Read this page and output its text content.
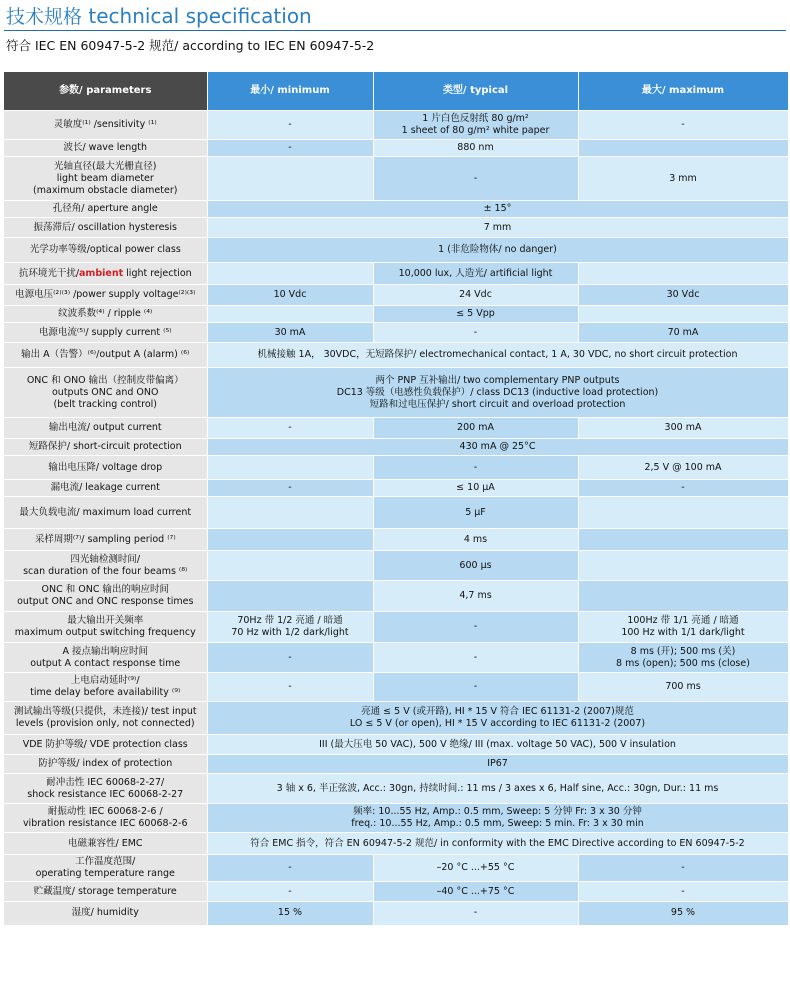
技术规格 technical specification
符合 IEC EN 60947-5-2 规范/ according to IEC EN 60947-5-2
参数/ parameters	最小/ minimum	类型/ typical	最大/ maximum
灵敏度⁽¹⁾ /sensitivity ⁽¹⁾	-	1 片白色反射纸 80 g/m²
1 sheet of 80 g/m² white paper	-
波长/ wave length	-	880 nm	
光轴直径(最大光栅直径)
light beam diameter
(maximum obstacle diameter)		-	3 mm
孔径角/ aperture angle	± 15°		
振荡滞后/ oscillation hysteresis	7 mm		
光学功率等级/optical power class	1 (非危险物体/ no danger)		
抗环境光干扰/ambient light rejection		10,000 lux, 人造光/ artificial light	
电源电压⁽²⁾⁽³⁾ /power supply voltage⁽²⁾⁽³⁾	10 Vdc	24 Vdc	30 Vdc
纹波系数⁽⁴⁾ / ripple ⁽⁴⁾		≤ 5 Vpp	
电源电流⁽⁵⁾/ supply current ⁽⁵⁾	30 mA	-	70 mA
输出 A（告警）⁽⁶⁾/output A (alarm) ⁽⁶⁾	机械接触 1A， 30VDC，无短路保护/ electromechanical contact, 1 A, 30 VDC, no short circuit protection		
ONC 和 ONO 输出（控制皮带偏离）
outputs ONC and ONO
(belt tracking control)	两个 PNP 互补输出/ two complementary PNP outputs
DC13 等级（电感性负载保护）/ class DC13 (inductive load protection)
短路和过电压保护/ short circuit and overload protection		
输出电流/ output current	-	200 mA	300 mA
短路保护/ short-circuit protection	430 mA @ 25°C		
输出电压降/ voltage drop		-	2,5 V @ 100 mA
漏电流/ leakage current	-	≤ 10 µA	-
最大负载电流/ maximum load current		5 µF	
采样周期⁽⁷⁾/ sampling period ⁽⁷⁾		4 ms	
四光轴检测时间/
scan duration of the four beams ⁽⁸⁾		600 µs	
ONC 和 ONC 输出的响应时间
output ONC and ONC response times		4,7 ms	
最大输出开关频率
maximum output switching frequency	70Hz 带 1/2 亮通 / 暗通
70 Hz with 1/2 dark/light	-	100Hz 带 1/1 亮通 / 暗通
100 Hz with 1/1 dark/light
A 接点输出响应时间
output A contact response time	-	-	8 ms (开); 500 ms (关)
8 ms (open); 500 ms (close)
上电启动延时⁽⁹⁾/
time delay before availability ⁽⁹⁾	-	-	700 ms
测试输出等级(只提供，未连接)/ test input
levels (provision only, not connected)	亮通 ≤ 5 V (或开路), HI * 15 V 符合 IEC 61131-2 (2007)规范
LO ≤ 5 V (or open), HI * 15 V according to IEC 61131-2 (2007)		
VDE 防护等级/ VDE protection class	III (最大压电 50 VAC), 500 V 绝缘/ III (max. voltage 50 VAC), 500 V insulation		
防护等级/ index of protection	IP67		
耐冲击性 IEC 60068-2-27/
shock resistance IEC 60068-2-27	3 轴 x 6, 半正弦波, Acc.: 30gn, 持续时间.: 11 ms / 3 axes x 6, Half sine, Acc.: 30gn, Dur.: 11 ms		
耐振动性 IEC 60068-2-6 /
vibration resistance IEC 60068-2-6	频率: 10...55 Hz, Amp.: 0.5 mm, Sweep: 5 分钟 Fr: 3 x 30 分钟
freq.: 10...55 Hz, Amp.: 0.5 mm, Sweep: 5 min. Fr: 3 x 30 min		
电磁兼容性/ EMC	符合 EMC 指令，符合 EN 60947-5-2 规范/ in conformity with the EMC Directive according to EN 60947-5-2		
工作温度范围/
operating temperature range	-	–20 °C ...+55 °C	-
贮藏温度/ storage temperature	-	–40 °C ...+75 °C	-
湿度/ humidity	15 %	-	95 %
